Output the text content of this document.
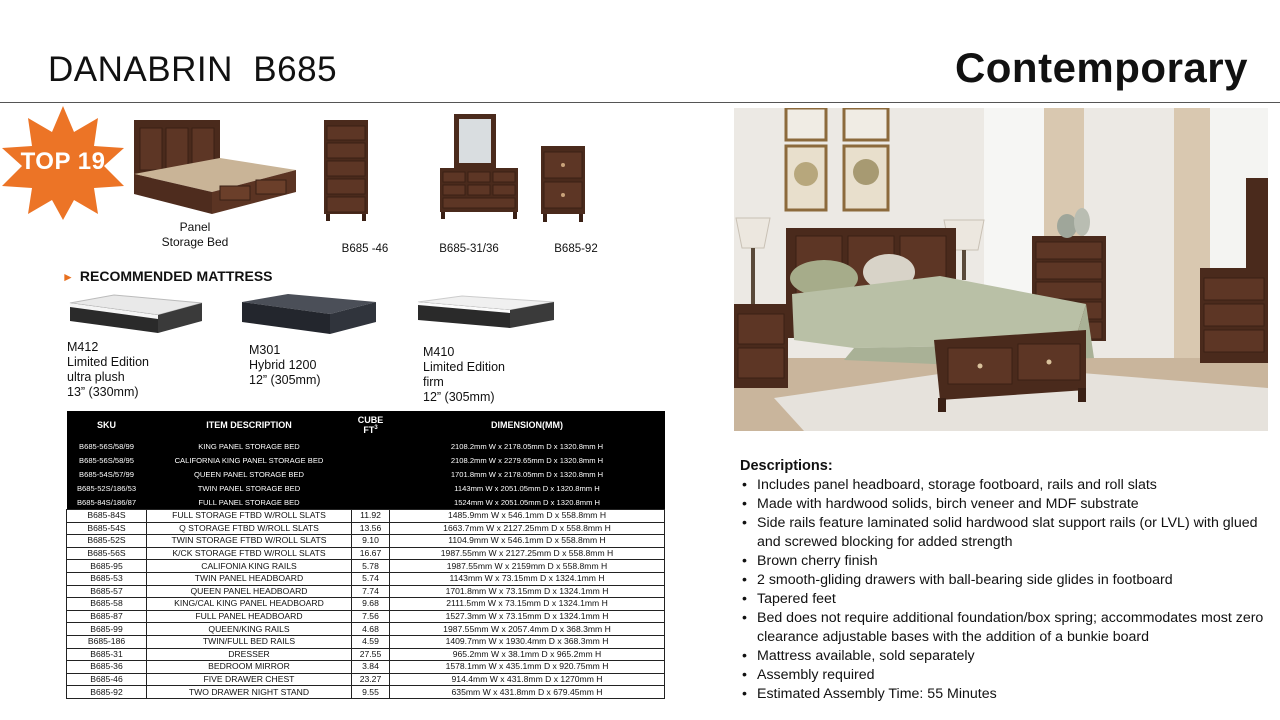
DANABRIN  B685	Contemporary
TOP 19
Panel
Storage Bed	B685 -46	B685-31/36	B685-92
► RECOMMENDED MATTRESS
M412
Limited Edition
ultra plush
13” (330mm)
M301
Hybrid 1200
12” (305mm)
M410
Limited Edition
firm
12” (305mm)
Descriptions:
• Includes panel headboard, storage footboard, rails and roll slats
• Made with hardwood solids, birch veneer and MDF substrate
• Side rails feature laminated solid hardwood slat support rails (or LVL) with glued and screwed blocking for added strength
• Brown cherry finish
• 2 smooth-gliding drawers with ball-bearing side glides in footboard
• Tapered feet
• Bed does not require additional foundation/box spring; accommodates most zero clearance adjustable bases with the addition of a bunkie board
• Mattress available, sold separately
• Assembly required
• Estimated Assembly Time: 55 Minutes
SKU	ITEM DESCRIPTION	CUBE
$FT^3$	DIMENSION(MM)
B685-56S/58/99	KING PANEL STORAGE BED		2108.2mm W x 2178.05mm D x 1320.8mm H
B685-56S/58/95	CALIFORNIA KING PANEL STORAGE BED		2108.2mm W x 2279.65mm D x 1320.8mm H
B685-54S/57/99	QUEEN PANEL STORAGE BED		1701.8mm W x 2178.05mm D x 1320.8mm H
B685-52S/186/53	TWIN PANEL STORAGE BED		1143mm W x 2051.05mm D x 1320.8mm H
B685-84S/186/87	FULL PANEL STORAGE BED		1524mm W x 2051.05mm D x 1320.8mm H
B685-84S	FULL STORAGE FTBD W/ROLL SLATS	11.92	1485.9mm W x 546.1mm D x 558.8mm H
B685-54S	Q STORAGE FTBD W/ROLL SLATS	13.56	1663.7mm W x 2127.25mm D x 558.8mm H
B685-52S	TWIN STORAGE FTBD W/ROLL SLATS	9.10	1104.9mm W x 546.1mm D x 558.8mm H
B685-56S	K/CK STORAGE FTBD W/ROLL SLATS	16.67	1987.55mm W x 2127.25mm D x 558.8mm H
B685-95	CALIFONIA KING RAILS	5.78	1987.55mm W x 2159mm D x 558.8mm H
B685-53	TWIN PANEL HEADBOARD	5.74	1143mm W x 73.15mm D x 1324.1mm H
B685-57	QUEEN PANEL HEADBOARD	7.74	1701.8mm W x 73.15mm D x 1324.1mm H
B685-58	KING/CAL KING PANEL HEADBOARD	9.68	2111.5mm W x 73.15mm D x 1324.1mm H
B685-87	FULL PANEL HEADBOARD	7.56	1527.3mm W x 73.15mm D x 1324.1mm H
B685-99	QUEEN/KING RAILS	4.68	1987.55mm W x 2057.4mm D x 368.3mm H
B685-186	TWIN/FULL BED RAILS	4.59	1409.7mm W x 1930.4mm D x 368.3mm H
B685-31	DRESSER	27.55	965.2mm W x 38.1mm D x 965.2mm H
B685-36	BEDROOM MIRROR	3.84	1578.1mm W x 435.1mm D x 920.75mm H
B685-46	FIVE DRAWER CHEST	23.27	914.4mm W x 431.8mm D x 1270mm H
B685-92	TWO DRAWER NIGHT STAND	9.55	635mm W x 431.8mm D x 679.45mm H
